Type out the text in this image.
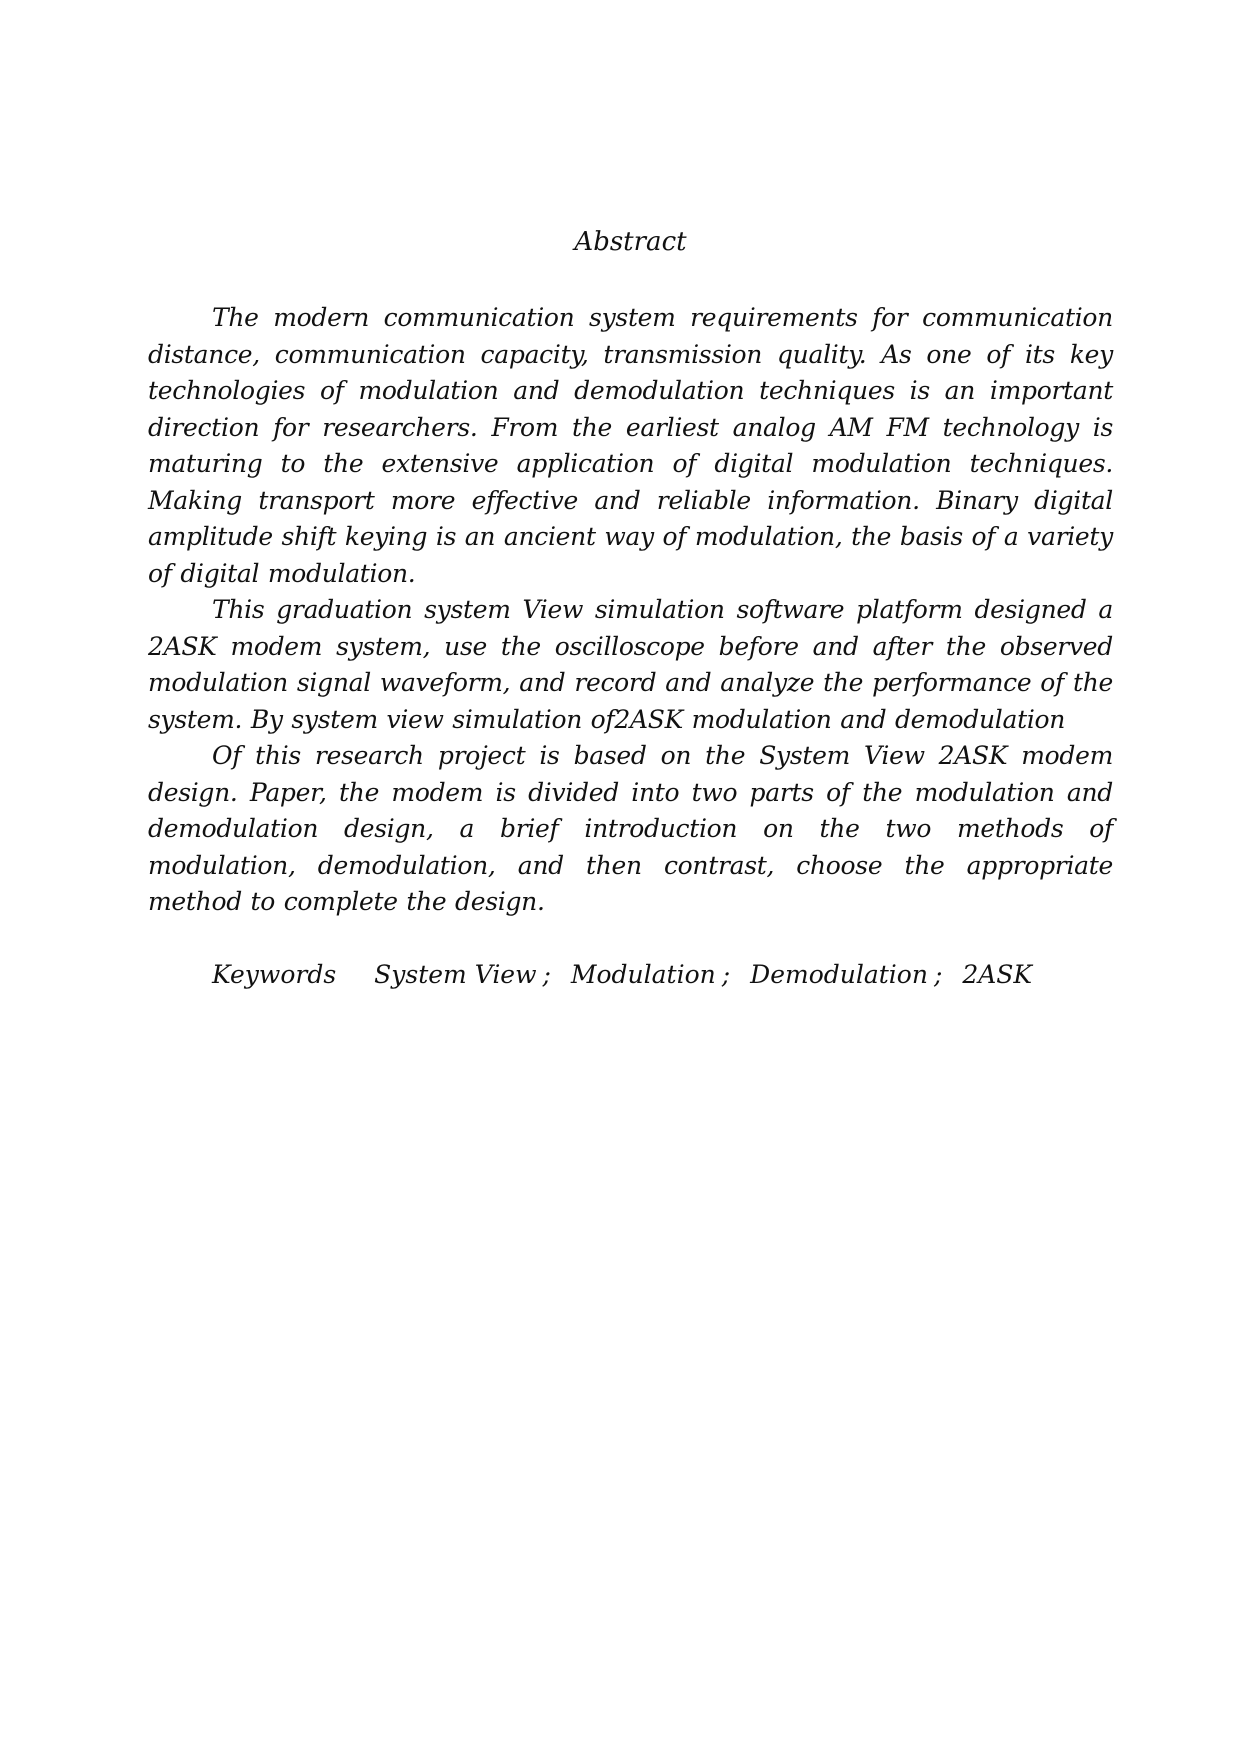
Abstract

The modern communication system requirements for communication distance, communication capacity, transmission quality. As one of its key technologies of modulation and demodulation techniques is an important direction for researchers. From the earliest analog AM FM technology is maturing to the extensive application of digital modulation techniques. Making transport more effective and reliable information. Binary digital amplitude shift keying is an ancient way of modulation, the basis of a variety of digital modulation.

This graduation system View simulation software platform designed a 2ASK modem system, use the oscilloscope before and after the observed modulation signal waveform, and record and analyze the performance of the system. By system view simulation of2ASK modulation and demodulation

Of this research project is based on the System View 2ASK modem design. Paper, the modem is divided into two parts of the modulation and demodulation design, a brief introduction on the two methods of modulation, demodulation, and then contrast, choose the appropriate method to complete the design.

Keywords System View ; Modulation ; Demodulation ; 2ASK
